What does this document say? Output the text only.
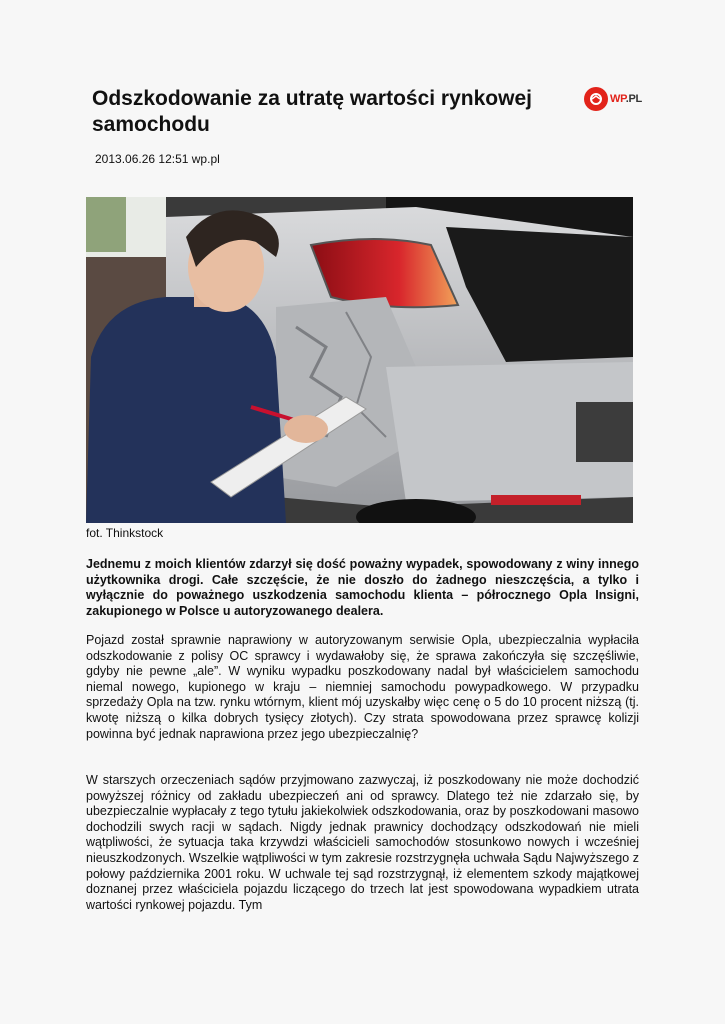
Odszkodowanie za utratę wartości rynkowej samochodu
WP.PL
2013.06.26 12:51 wp.pl
fot. Thinkstock

Jednemu z moich klientów zdarzył się dość poważny wypadek, spowodowany z winy innego użytkownika drogi. Całe szczęście, że nie doszło do żadnego nieszczęścia, a tylko i wyłącznie do poważnego uszkodzenia samochodu klienta – półrocznego Opla Insigni, zakupionego w Polsce u autoryzowanego dealera.

Pojazd został sprawnie naprawiony w autoryzowanym serwisie Opla, ubezpieczalnia wypłaciła odszkodowanie z polisy OC sprawcy i wydawałoby się, że sprawa zakończyła się szczęśliwie, gdyby nie pewne „ale”. W wyniku wypadku poszkodowany nadal był właścicielem samochodu niemal nowego, kupionego w kraju – niemniej samochodu powypadkowego. W przypadku sprzedaży Opla na tzw. rynku wtórnym, klient mój uzyskałby więc cenę o 5 do 10 procent niższą (tj. kwotę niższą o kilka dobrych tysięcy złotych). Czy strata spowodowana przez sprawcę kolizji powinna być jednak naprawiona przez jego ubezpieczalnię?

W starszych orzeczeniach sądów przyjmowano zazwyczaj, iż poszkodowany nie może dochodzić powyższej różnicy od zakładu ubezpieczeń ani od sprawcy. Dlatego też nie zdarzało się, by ubezpieczalnie wypłacały z tego tytułu jakiekolwiek odszkodowania, oraz by poszkodowani masowo dochodzili swych racji w sądach. Nigdy jednak prawnicy dochodzący odszkodowań nie mieli wątpliwości, że sytuacja taka krzywdzi właścicieli samochodów stosunkowo nowych i wcześniej nieuszkodzonych. Wszelkie wątpliwości w tym zakresie rozstrzygnęła uchwała Sądu Najwyższego z połowy października 2001 roku. W uchwale tej sąd rozstrzygnął, iż elementem szkody majątkowej doznanej przez właściciela pojazdu liczącego do trzech lat jest spowodowana wypadkiem utrata wartości rynkowej pojazdu. Tym
